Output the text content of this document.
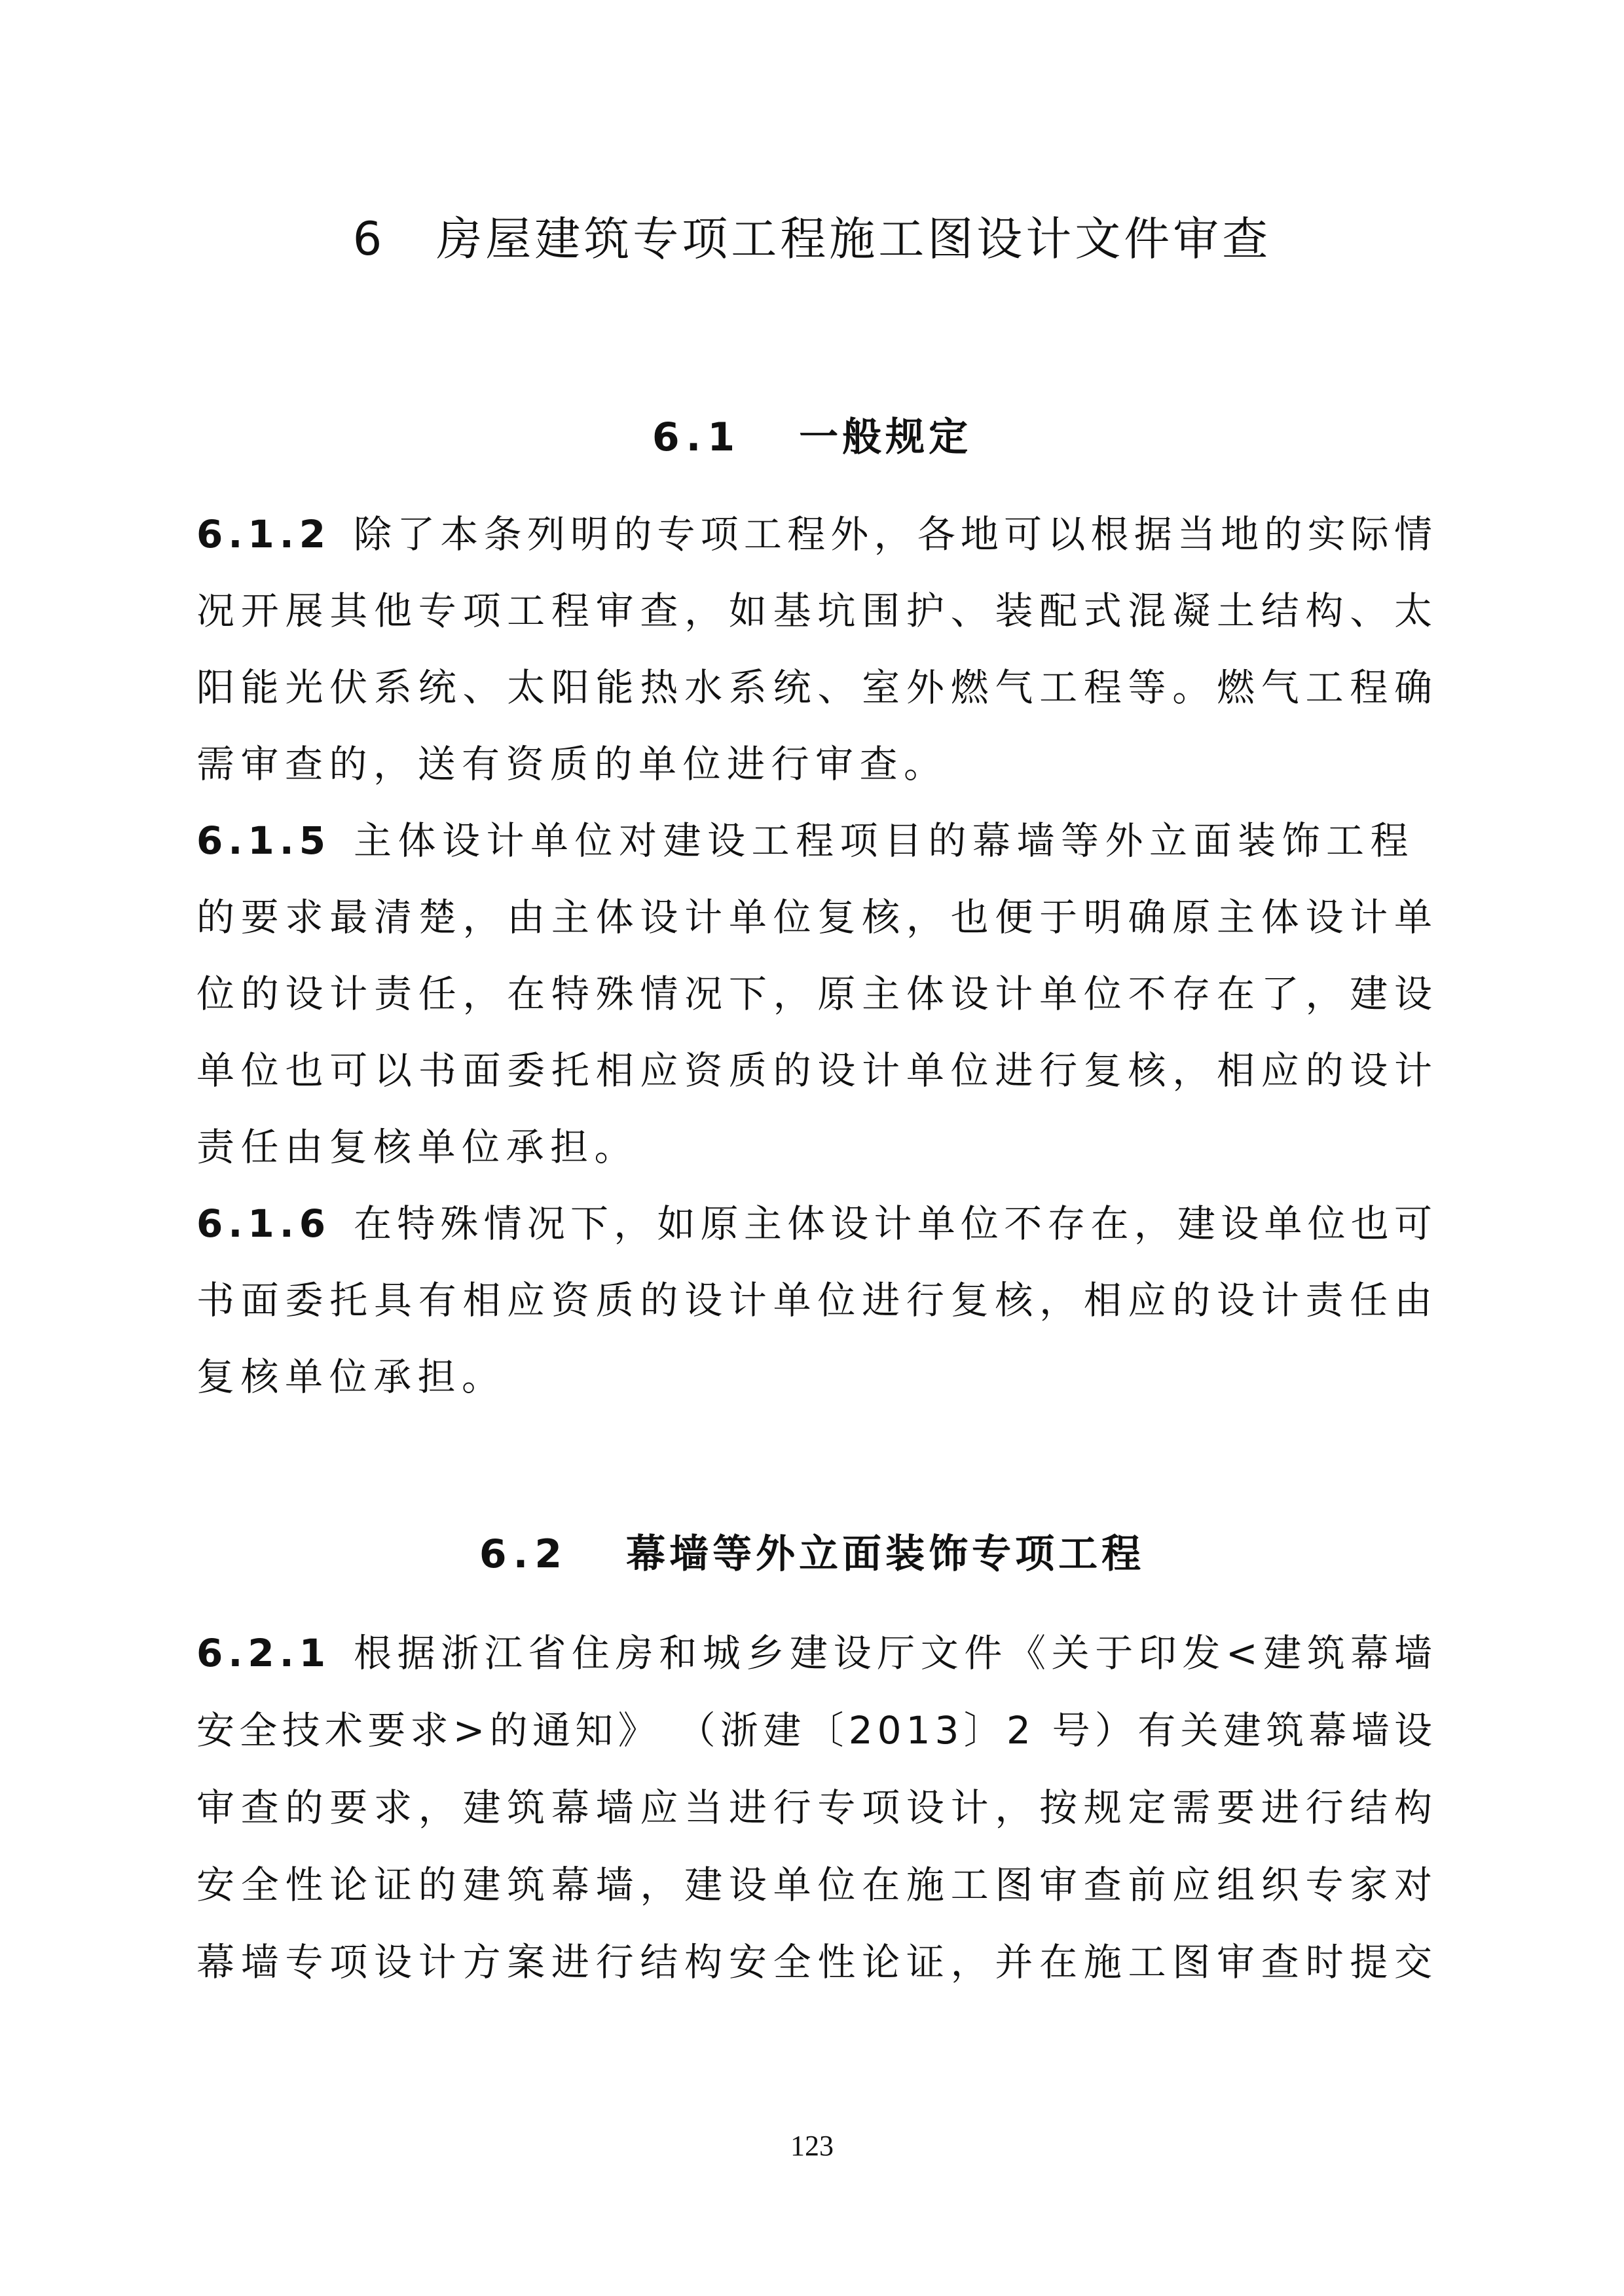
6 房屋建筑专项工程施工图设计文件审查
6.1 一般规定
6.1.2 除了本条列明的专项工程外，各地可以根据当地的实际情
况开展其他专项工程审查，如基坑围护、装配式混凝土结构、太
阳能光伏系统、太阳能热水系统、室外燃气工程等。燃气工程确
需审查的，送有资质的单位进行审查。
6.1.5 主体设计单位对建设工程项目的幕墙等外立面装饰工程
的要求最清楚，由主体设计单位复核，也便于明确原主体设计单
位的设计责任，在特殊情况下，原主体设计单位不存在了，建设
单位也可以书面委托相应资质的设计单位进行复核，相应的设计
责任由复核单位承担。
6.1.6 在特殊情况下，如原主体设计单位不存在，建设单位也可
书面委托具有相应资质的设计单位进行复核，相应的设计责任由
复核单位承担。
6.2 幕墙等外立面装饰专项工程
6.2.1 根据浙江省住房和城乡建设厅文件《关于印发<建筑幕墙
安全技术要求>的通知》 （浙建〔2013〕2 号）有关建筑幕墙设
审查的要求，建筑幕墙应当进行专项设计，按规定需要进行结构
安全性论证的建筑幕墙，建设单位在施工图审查前应组织专家对
幕墙专项设计方案进行结构安全性论证，并在施工图审查时提交
123
